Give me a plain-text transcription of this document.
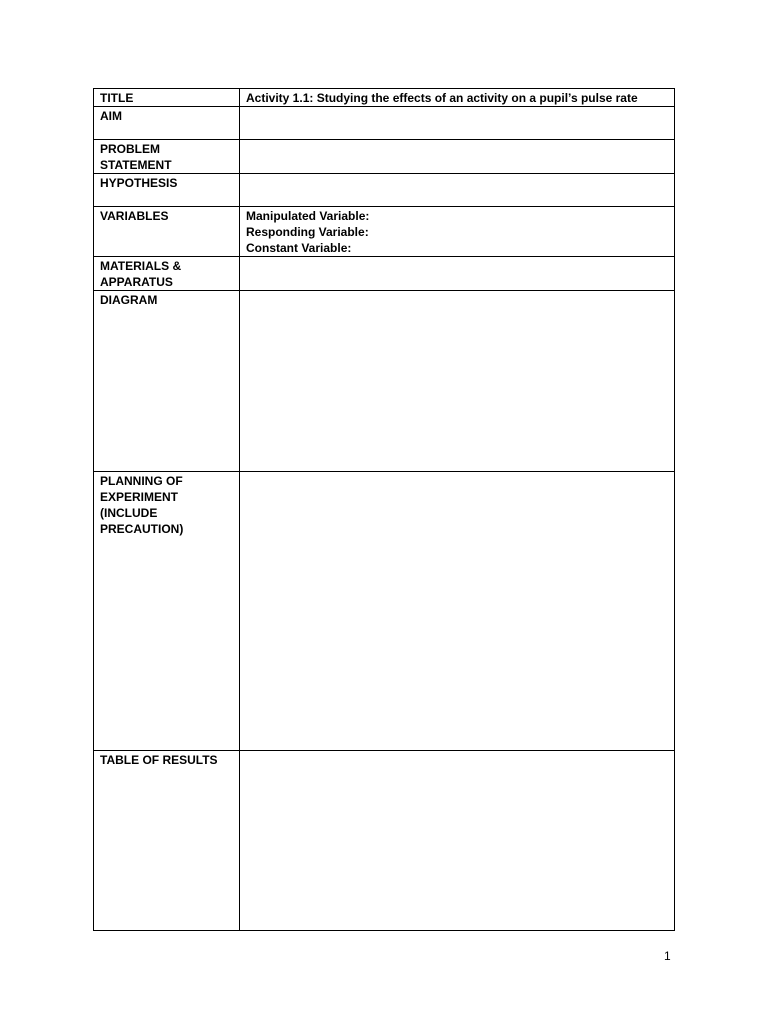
TITLE	Activity 1.1: Studying the effects of an activity on a pupil’s pulse rate

AIM	

PROBLEM
STATEMENT	

HYPOTHESIS	

VARIABLES	Manipulated Variable:
Responding Variable:
Constant Variable:

MATERIALS &
APPARATUS	

DIAGRAM	

PLANNING OF
EXPERIMENT
(INCLUDE
PRECAUTION)	

TABLE OF RESULTS	

1
